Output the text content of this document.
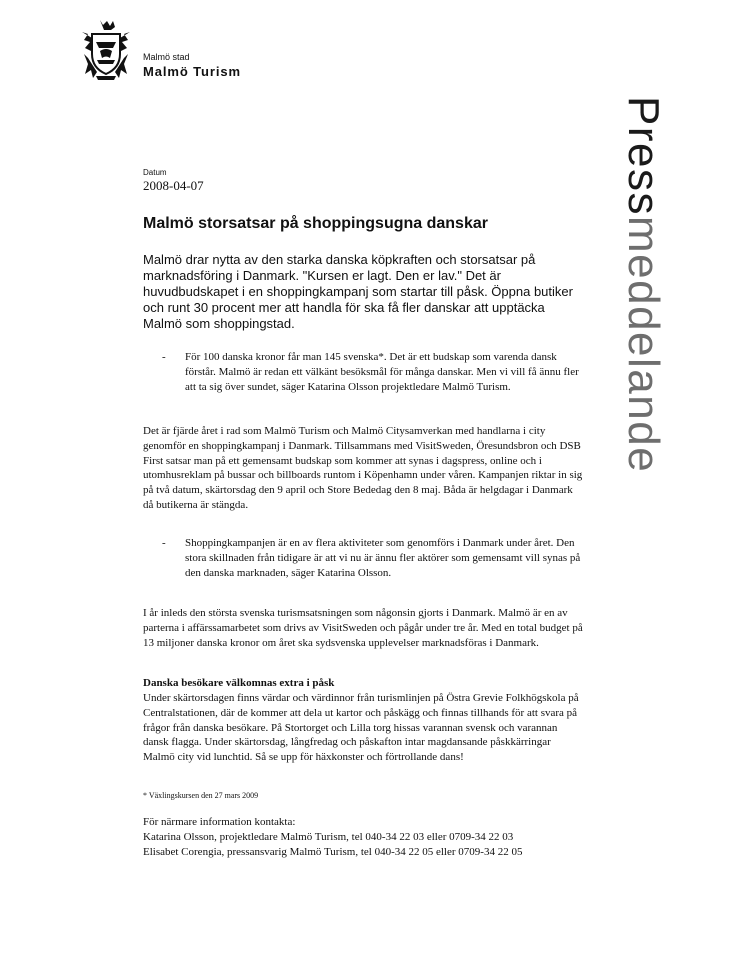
Malmö stad
Malmö Turism
Pressmeddelande
Datum
2008-04-07
Malmö storsatsar på shoppingsugna danskar

Malmö drar nytta av den starka danska köpkraften och storsatsar på marknadsföring i Danmark. "Kursen er lagt. Den er lav." Det är huvudbudskapet i en shoppingkampanj som startar till påsk. Öppna butiker och runt 30 procent mer att handla för ska få fler danskar att upptäcka Malmö som shoppingstad.

- För 100 danska kronor får man 145 svenska*. Det är ett budskap som varenda dansk förstår. Malmö är redan ett välkänt besöksmål för många danskar. Men vi vill få ännu fler att ta sig över sundet, säger Katarina Olsson projektledare Malmö Turism.

Det är fjärde året i rad som Malmö Turism och Malmö Citysamverkan med handlarna i city genomför en shoppingkampanj i Danmark. Tillsammans med VisitSweden, Öresundsbron och DSB First satsar man på ett gemensamt budskap som kommer att synas i dagspress, online och i utomhusreklam på bussar och billboards runtom i Köpenhamn under våren. Kampanjen riktar in sig på två datum, skärtorsdag den 9 april och Store Bededag den 8 maj. Båda är helgdagar i Danmark då butikerna är stängda.

- Shoppingkampanjen är en av flera aktiviteter som genomförs i Danmark under året. Den stora skillnaden från tidigare är att vi nu är ännu fler aktörer som gemensamt vill synas på den danska marknaden, säger Katarina Olsson.

I år inleds den största svenska turismsatsningen som någonsin gjorts i Danmark. Malmö är en av parterna i affärssamarbetet som drivs av VisitSweden och pågår under tre år. Med en total budget på 13 miljoner danska kronor om året ska sydsvenska upplevelser marknadsföras i Danmark.

Danska besökare välkomnas extra i påsk

Under skärtorsdagen finns värdar och värdinnor från turismlinjen på Östra Grevie Folkhögskola på Centralstationen, där de kommer att dela ut kartor och påskägg och finnas tillhands för att svara på frågor från danska besökare. På Stortorget och Lilla torg hissas varannan svensk och varannan dansk flagga. Under skärtorsdag, långfredag och påskafton intar magdansande påskkärringar Malmö city vid lunchtid. Så se upp för häxkonster och förtrollande dans!

* Växlingskursen den 27 mars 2009

För närmare information kontakta:

Katarina Olsson, projektledare Malmö Turism, tel 040-34 22 03 eller 0709-34 22 03

Elisabet Corengia, pressansvarig Malmö Turism, tel 040-34 22 05 eller 0709-34 22 05
